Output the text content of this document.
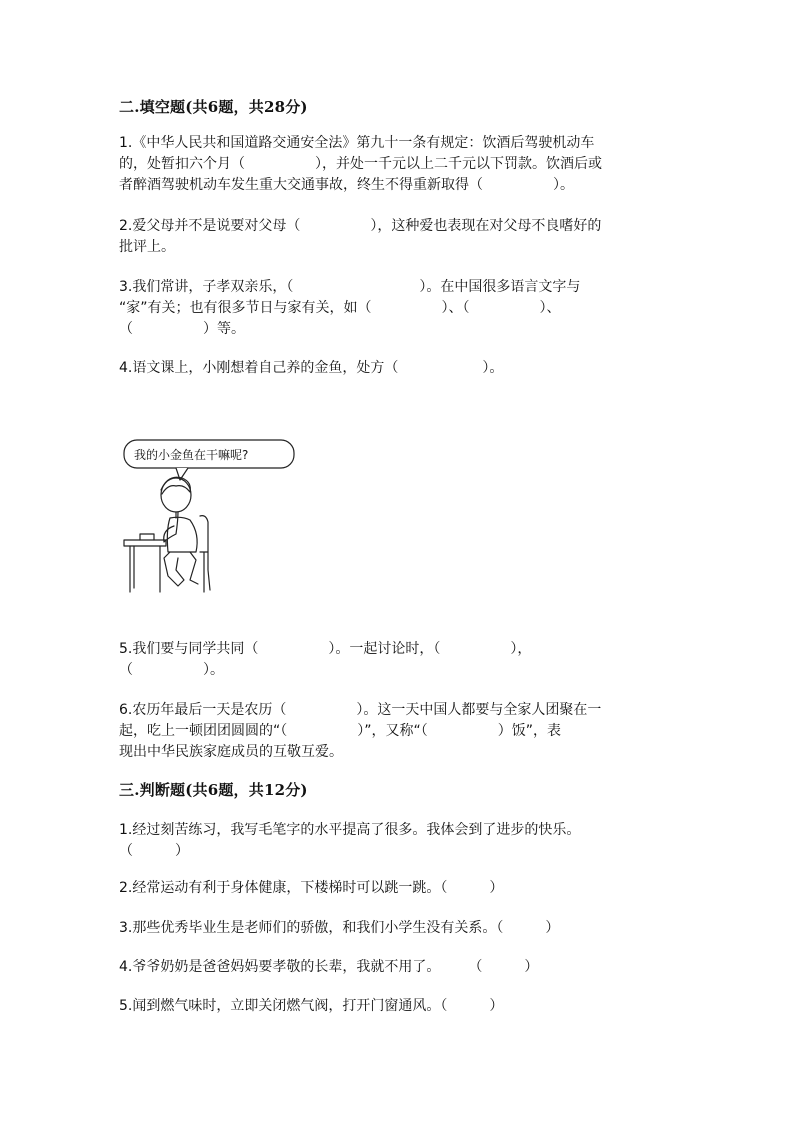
二.填空题(共6题，共28分)
1.《中华人民共和国道路交通安全法》第九十一条有规定：饮酒后驾驶机动车
的，处暂扣六个月（　　　　　），并处一千元以上二千元以下罚款。饮酒后或
者醉酒驾驶机动车发生重大交通事故，终生不得重新取得（　　　　　）。
2.爱父母并不是说要对父母（　　　　　），这种爱也表现在对父母不良嗜好的
批评上。
3.我们常讲，子孝双亲乐，（　　　　　　　　　）。在中国很多语言文字与
“家”有关；也有很多节日与家有关，如（　　　　　）、（　　　　　）、
（　　　　　）等。
4.语文课上，小刚想着自己养的金鱼，处方（　　　　　　）。
我的小金鱼在干嘛呢?
5.我们要与同学共同（　　　　　）。一起讨论时，（　　　　　），
（　　　　　）。
6.农历年最后一天是农历（　　　　　）。这一天中国人都要与全家人团聚在一
起，吃上一顿团团圆圆的“（　　　　　）”，又称“（　　　　　）饭”，表
现出中华民族家庭成员的互敬互爱。
三.判断题(共6题，共12分)
1.经过刻苦练习，我写毛笔字的水平提高了很多。我体会到了进步的快乐。
（　　　）
2.经常运动有利于身体健康，下楼梯时可以跳一跳。（　　　）
3.那些优秀毕业生是老师们的骄傲，和我们小学生没有关系。（　　　）
4.爷爷奶奶是爸爸妈妈要孝敬的长辈，我就不用了。　　　（　　　）
5.闻到燃气味时，立即关闭燃气阀，打开门窗通风。（　　　）
